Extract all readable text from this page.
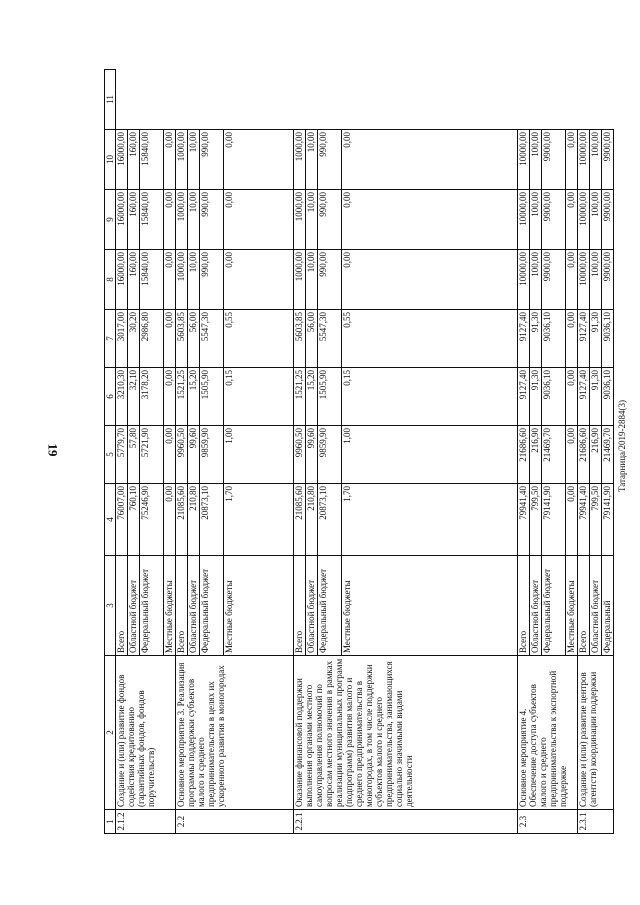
19	Татарница/2019-2884(3)
1	2	3	4	5	6	7	8	9	10	11
2.1.2	Создание и (или) развитие фондов содействия кредитованию (гарантийных фондов, фондов поручительств)	Всего	76007,00	5779,70	3210,30	3017,00	16000,00	16000,00	16000,00	
		Областной бюджет	760,10	57,80	32,10	30,20	160,00	160,00	160,00	
		Федеральный бюджет	75246,90	5721,90	3178,20	2986,80	15840,00	15840,00	15840,00	
		Местные бюджеты	0,00	0,00	0,00	0,00	0,00	0,00	0,00	
2.2	Основное мероприятие 3. Реализация программы поддержки субъектов малого и среднего предпринимательства в целях их ускоренного развития в моногородах	Всего	21085,60	9960,50	1521,25	5603,85	1000,00	1000,00	1000,00	
		Областной бюджет	210,80	99,60	15,20	56,00	10,00	10,00	10,00	
		Федеральный бюджет	20873,10	9859,90	1505,90	5547,30	990,00	990,00	990,00	
		Местные бюджеты	1,70	1,00	0,15	0,55	0,00	0,00	0,00	
2.2.1	Оказание финансовой поддержки выполнения органами местного самоуправления полномочий по вопросам местного значения в рамках реализации муниципальных программ (подпрограмм) развития малого и среднего предпринимательства в моногородах, в том числе поддержки субъектов малого и среднего предпринимательства, занимающихся социально значимыми видами деятельности	Всего	21085,60	9960,50	1521,25	5603,85	1000,00	1000,00	1000,00	
		Областной бюджет	210,80	99,60	15,20	56,00	10,00	10,00	10,00	
		Федеральный бюджет	20873,10	9859,90	1505,90	5547,30	990,00	990,00	990,00	
		Местные бюджеты	1,70	1,00	0,15	0,55	0,00	0,00	0,00	
2.3	Основное мероприятие 4. Обеспечение доступа субъектов малого и среднего предпринимательства к экспортной поддержке	Всего	79941,40	21686,60	9127,40	9127,40	10000,00	10000,00	10000,00	
		Областной бюджет	799,50	216,90	91,30	91,30	100,00	100,00	100,00	
		Федеральный бюджет	79141,90	21469,70	9036,10	9036,10	9900,00	9900,00	9900,00	
		Местные бюджеты	0,00	0,00	0,00	0,00	0,00	0,00	0,00	
2.3.1	Создание и (или) развитие центров (агентств) координации поддержки	Всего	79941,40	21686,60	9127,40	9127,40	10000,00	10000,00	10000,00	
		Областной бюджет	799,50	216,90	91,30	91,30	100,00	100,00	100,00	
		Федеральный	79141,90	21469,70	9036,10	9036,10	9900,00	9900,00	9900,00	
